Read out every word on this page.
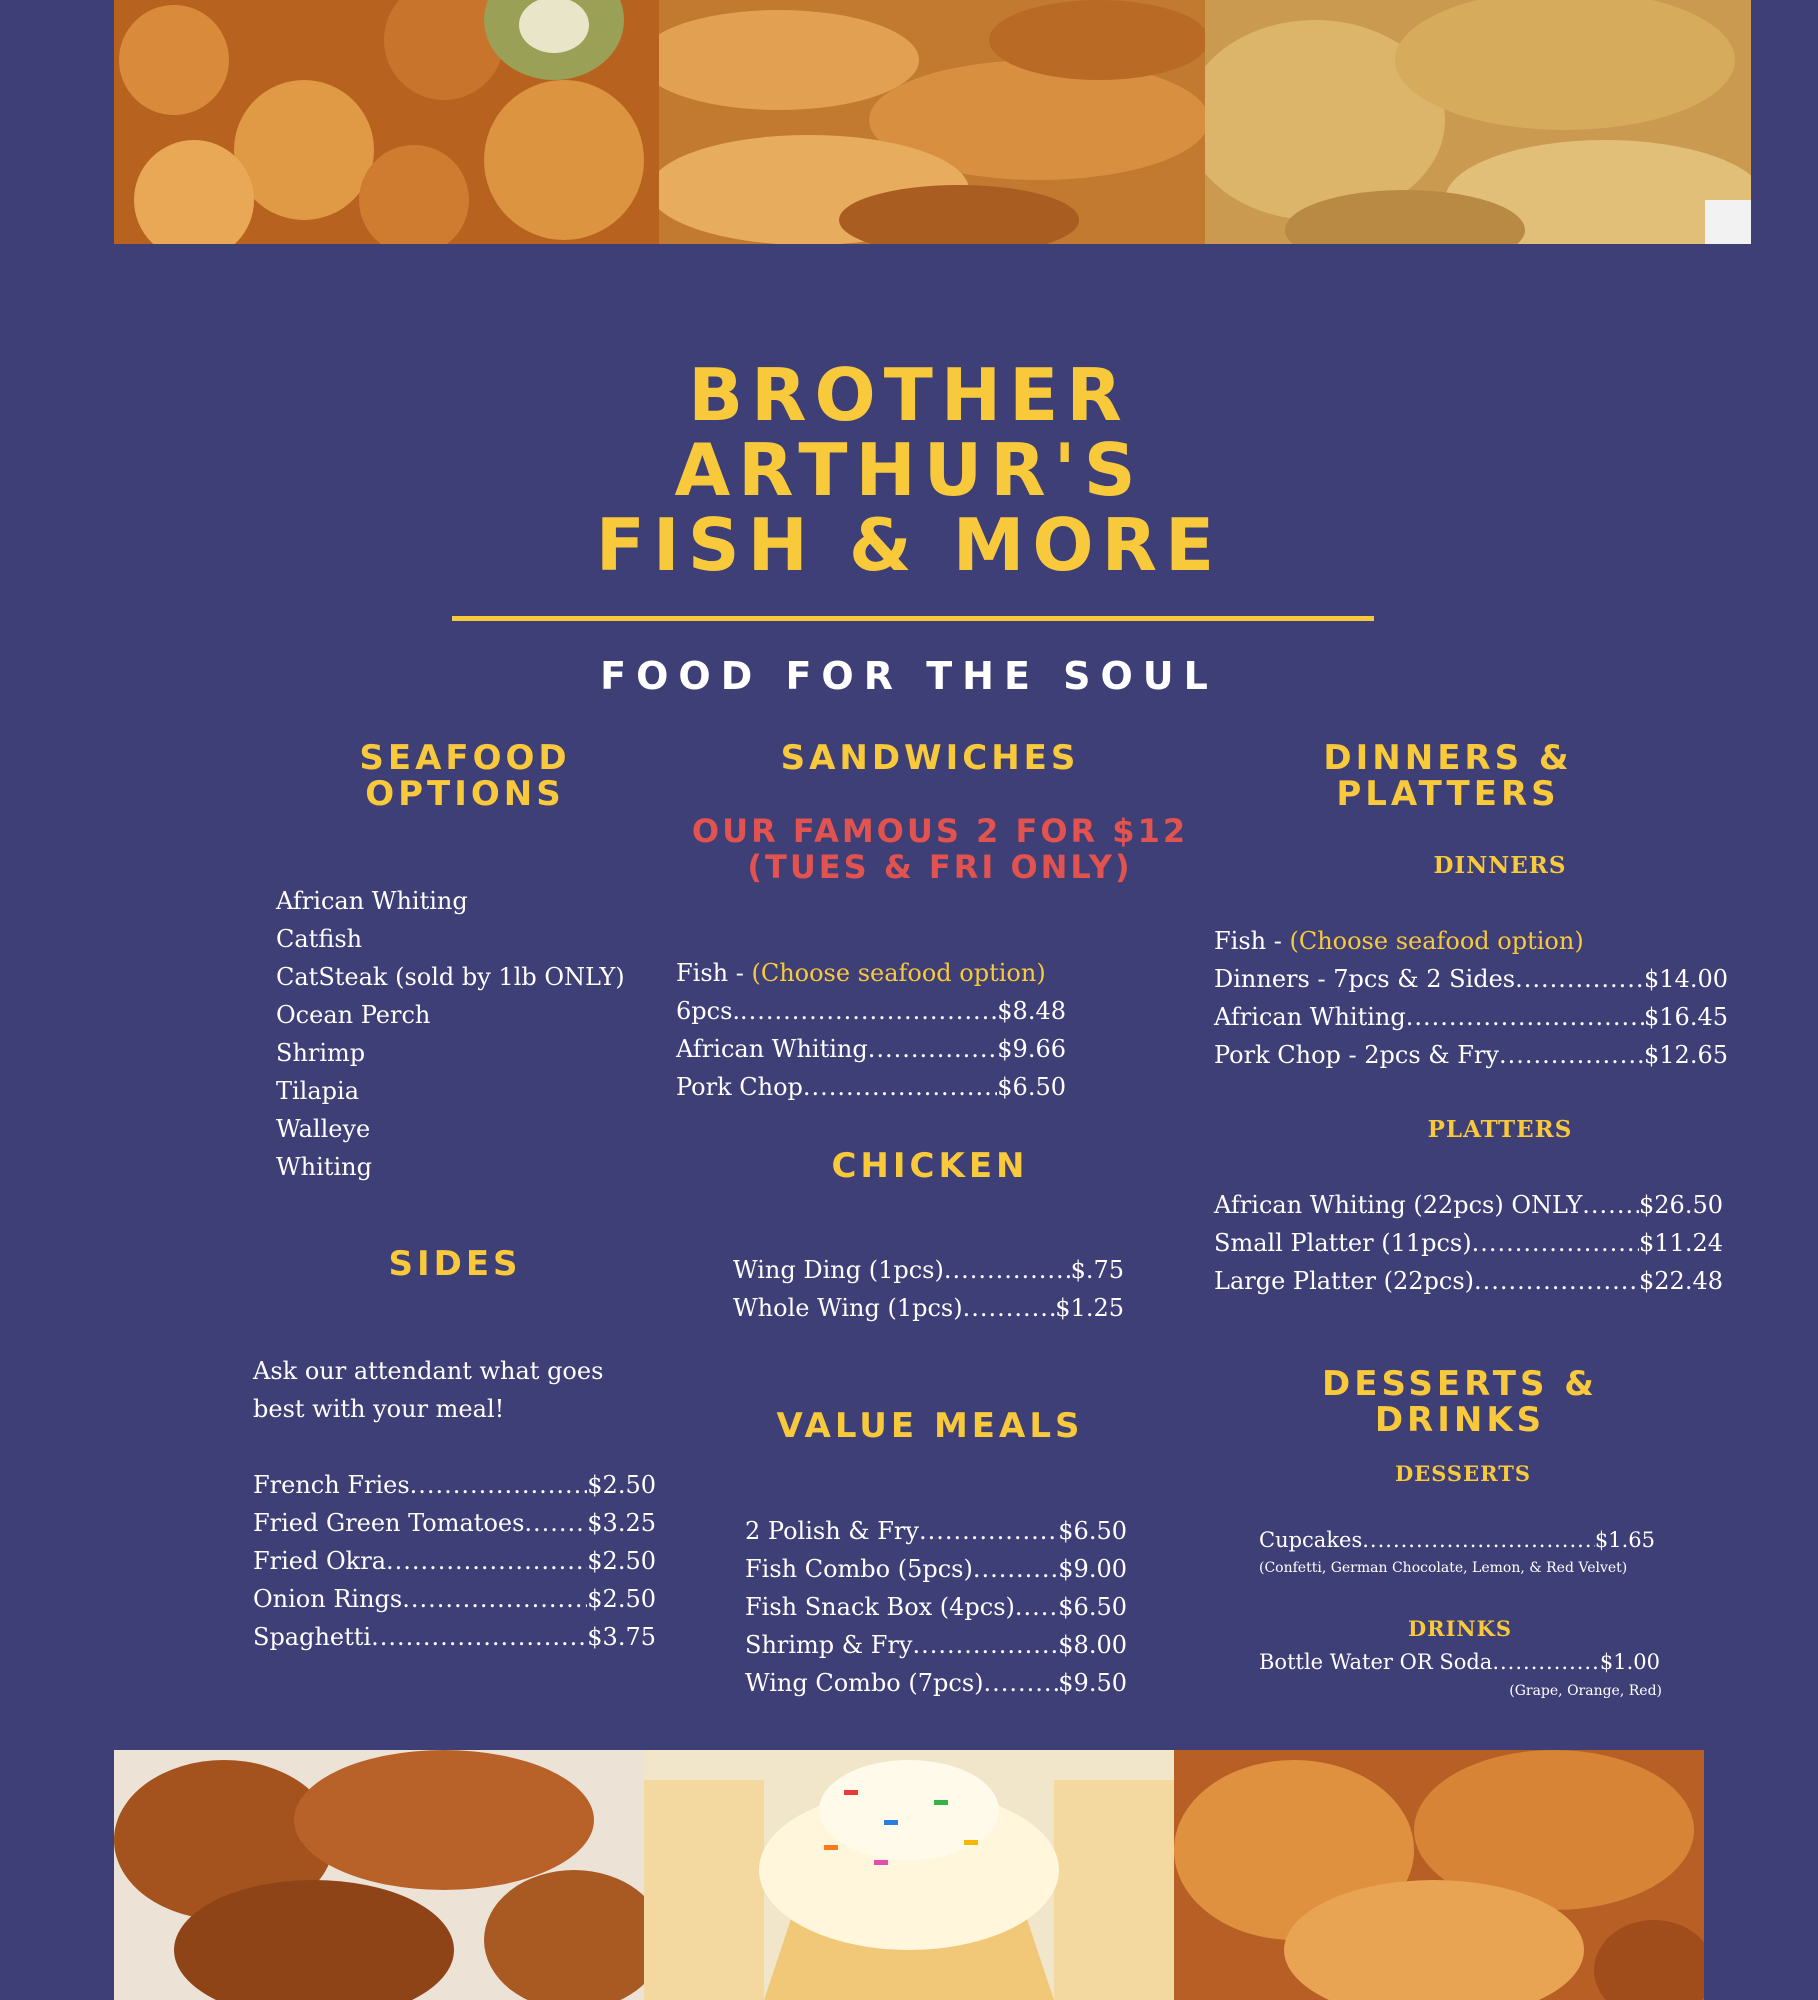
BROTHER
ARTHUR'S
FISH & MORE

FOOD FOR THE SOUL

SEAFOOD
OPTIONS
African Whiting
Catfish
CatSteak (sold by 1lb ONLY)
Ocean Perch
Shrimp
Tilapia
Walleye
Whiting
SIDES
Ask our attendant what goes
best with your meal!
French Fries .....	$2.50
Fried Green Tomatoes .....	$3.25
Fried Okra .....	$2.50
Onion Rings .....	$2.50
Spaghetti .....	$3.75
SANDWICHES
OUR FAMOUS 2 FOR $12
(TUES & FRI ONLY)
Fish - (Choose seafood option)
6pcs. .....	$8.48
African Whiting .....	$9.66
Pork Chop .....	$6.50
CHICKEN
Wing Ding (1pcs) .....	$.75
Whole Wing (1pcs) .....	$1.25
VALUE MEALS
2 Polish & Fry .....	$6.50
Fish Combo (5pcs) .....	$9.00
Fish Snack Box (4pcs) ..... $6.50
Shrimp & Fry .....	$8.00
Wing Combo (7pcs) .....	$9.50
DINNERS & PLATTERS

DINNERS

Fish - (Choose seafood option)
Dinners - 7pcs & 2 Sides .....	$14.00
African Whiting .....	$16.45
Pork Chop - 2pcs & Fry .....	$12.65

PLATTERS

African Whiting (22pcs) ONLY ..... $26.50
Small Platter (11pcs) .....	$11.24
Large Platter (22pcs) .....	$22.48
DESSERTS & DRINKS

DESSERTS

Cupcakes .....	$1.65

(Confetti, German Chocolate, Lemon, & Red Velvet)

DRINKS

Bottle Water OR Soda .....	$1.00

(Grape, Orange, Red)
